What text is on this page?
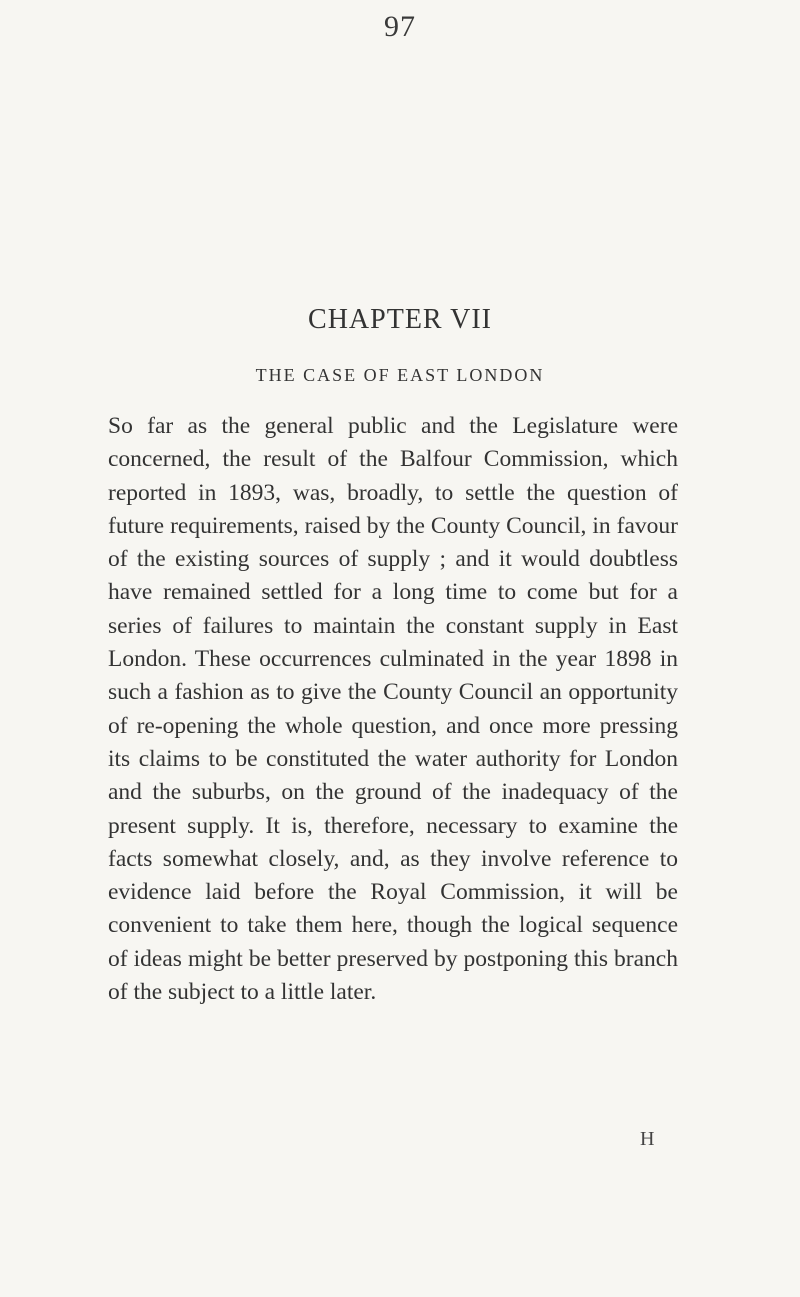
97
CHAPTER VII
THE CASE OF EAST LONDON

So far as the general public and the Legislature were concerned, the result of the Balfour Commission, which reported in 1893, was, broadly, to settle the question of future requirements, raised by the County Council, in favour of the existing sources of supply ; and it would doubtless have remained settled for a long time to come but for a series of failures to maintain the constant supply in East London. These occurrences culminated in the year 1898 in such a fashion as to give the County Council an opportunity of re-opening the whole question, and once more pressing its claims to be constituted the water authority for London and the suburbs, on the ground of the inadequacy of the present supply. It is, therefore, necessary to examine the facts somewhat closely, and, as they involve reference to evidence laid before the Royal Commission, it will be convenient to take them here, though the logical sequence of ideas might be better preserved by postponing this branch of the subject to a little later.

H
